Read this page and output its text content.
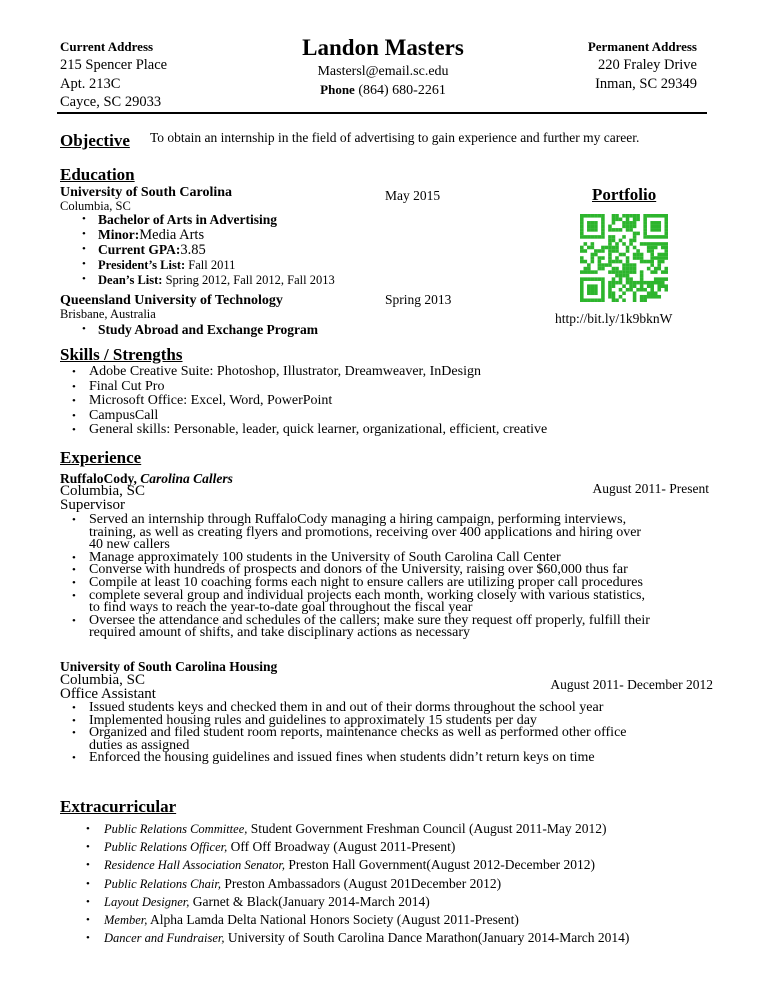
Current Address
215 Spencer Place
Apt. 213C
Cayce, SC 29033
Landon Masters
Mastersl@email.sc.edu
Phone (864) 680-2261
Permanent Address
220 Fraley Drive
Inman, SC 29349
Objective To obtain an internship in the field of advertising to gain experience and further my career.
Education
University of South Carolina	May 2015
Columbia, SC
• Bachelor of Arts in Advertising
• Minor:Media Arts
• Current GPA:3.85
• President’s List: Fall 2011
• Dean’s List: Spring 2012, Fall 2012, Fall 2013
Queensland University of Technology	Spring 2013
Brisbane, Australia
• Study Abroad and Exchange Program
Portfolio
http://bit.ly/1k9bknW
Skills / Strengths
• Adobe Creative Suite: Photoshop, Illustrator, Dreamweaver, InDesign
• Final Cut Pro
• Microsoft Office: Excel, Word, PowerPoint
• CampusCall
• General skills: Personable, leader, quick learner, organizational, efficient, creative
Experience
RuffaloCody, Carolina Callers
Columbia, SC
Supervisor
August 2011- Present
• Served an internship through RuffaloCody managing a hiring campaign, performing interviews,
training, as well as creating flyers and promotions, receiving over 400 applications and hiring over
40 new callers
• Manage approximately 100 students in the University of South Carolina Call Center
• Converse with hundreds of prospects and donors of the University, raising over $60,000 thus far
• Compile at least 10 coaching forms each night to ensure callers are utilizing proper call procedures
• complete several group and individual projects each month, working closely with various statistics,
to find ways to reach the year-to-date goal throughout the fiscal year
• Oversee the attendance and schedules of the callers; make sure they request off properly, fulfill their
required amount of shifts, and take disciplinary actions as necessary
University of South Carolina Housing
Columbia, SC
Office Assistant
August 2011- December 2012
• Issued students keys and checked them in and out of their dorms throughout the school year
• Implemented housing rules and guidelines to approximately 15 students per day
• Organized and filed student room reports, maintenance checks as well as performed other office
duties as assigned
• Enforced the housing guidelines and issued fines when students didn’t return keys on time
Extracurricular
• Public Relations Committee, Student Government Freshman Council (August 2011-May 2012)
• Public Relations Officer, Off Off Broadway (August 2011-Present)
• Residence Hall Association Senator, Preston Hall Government(August 2012-December 2012)
• Public Relations Chair, Preston Ambassadors (August 201December 2012)
• Layout Designer, Garnet & Black(January 2014-March 2014)
• Member, Alpha Lamda Delta National Honors Society (August 2011-Present)
• Dancer and Fundraiser, University of South Carolina Dance Marathon(January 2014-March 2014)
